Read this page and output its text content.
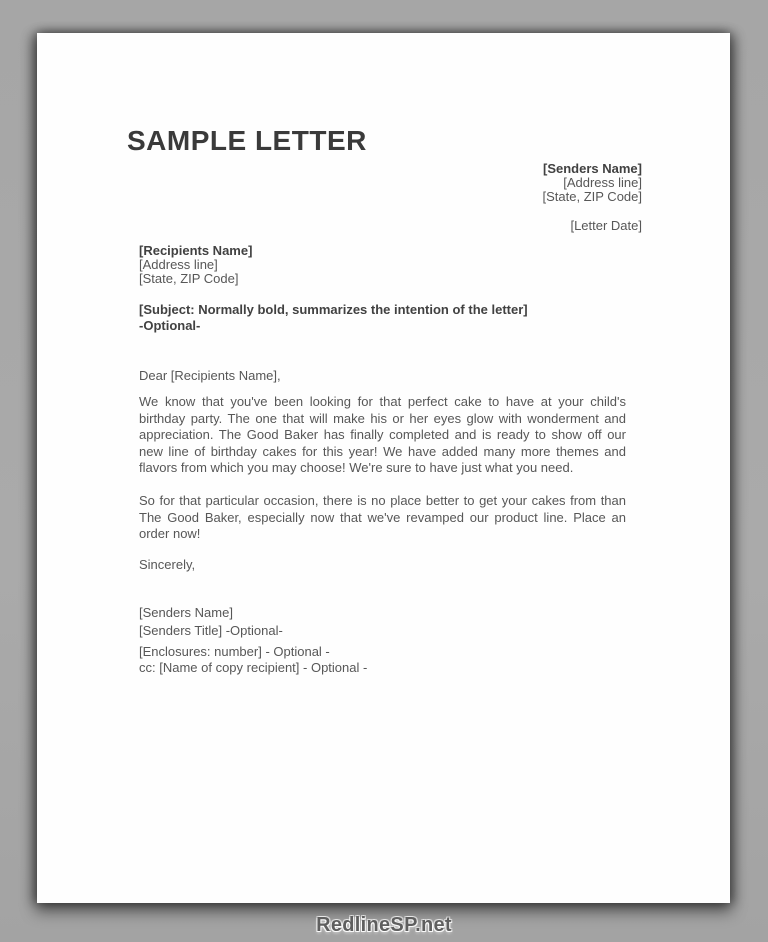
SAMPLE LETTER
[Senders Name]
[Address line]
[State, ZIP Code]
[Letter Date]
[Recipients Name]
[Address line]
[State, ZIP Code]
[Subject: Normally bold, summarizes the intention of the letter]
-Optional-

Dear [Recipients Name],

We know that you've been looking for that perfect cake to have at your child's birthday party. The one that will make his or her eyes glow with wonderment and appreciation. The Good Baker has finally completed and is ready to show off our new line of birthday cakes for this year! We have added many more themes and flavors from which you may choose! We're sure to have just what you need.

So for that particular occasion, there is no place better to get your cakes from than The Good Baker, especially now that we've revamped our product line. Place an order now!

Sincerely,

[Senders Name]
[Senders Title] -Optional-
[Enclosures: number] - Optional -
cc: [Name of copy recipient] - Optional -
RedlineSP.net
